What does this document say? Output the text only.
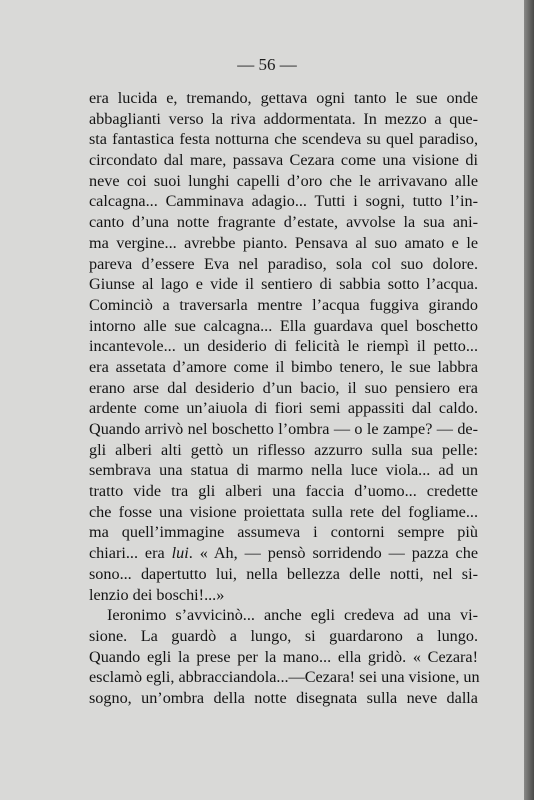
— 56 —
era lucida e, tremando, gettava ogni tanto le sue onde
abbaglianti verso la riva addormentata. In mezzo a que-
sta fantastica festa notturna che scendeva su quel paradiso,
circondato dal mare, passava Cezara come una visione di
neve coi suoi lunghi capelli d’oro che le arrivavano alle
calcagna... Camminava adagio... Tutti i sogni, tutto l’in-
canto d’una notte fragrante d’estate, avvolse la sua ani-
ma vergine... avrebbe pianto. Pensava al suo amato e le
pareva d’essere Eva nel paradiso, sola col suo dolore.
Giunse al lago e vide il sentiero di sabbia sotto l’acqua.
Cominciò a traversarla mentre l’acqua fuggiva girando
intorno alle sue calcagna... Ella guardava quel boschetto
incantevole... un desiderio di felicità le riempì il petto...
era assetata d’amore come il bimbo tenero, le sue labbra
erano arse dal desiderio d’un bacio, il suo pensiero era
ardente come un’aiuola di fiori semi appassiti dal caldo.
Quando arrivò nel boschetto l’ombra — o le zampe? — de-
gli alberi alti gettò un riflesso azzurro sulla sua pelle:
sembrava una statua di marmo nella luce viola... ad un
tratto vide tra gli alberi una faccia d’uomo... credette
che fosse una visione proiettata sulla rete del fogliame...
ma quell’immagine assumeva i contorni sempre più
chiari... era lui. « Ah, — pensò sorridendo — pazza che
sono... dapertutto lui, nella bellezza delle notti, nel si-
lenzio dei boschi!...»
Ieronimo s’avvicinò... anche egli credeva ad una vi-
sione. La guardò a lungo, si guardarono a lungo.
Quando egli la prese per la mano... ella gridò. « Cezara!
esclamò egli, abbracciandola...—Cezara! sei una visione, un
sogno, un’ombra della notte disegnata sulla neve dalla
